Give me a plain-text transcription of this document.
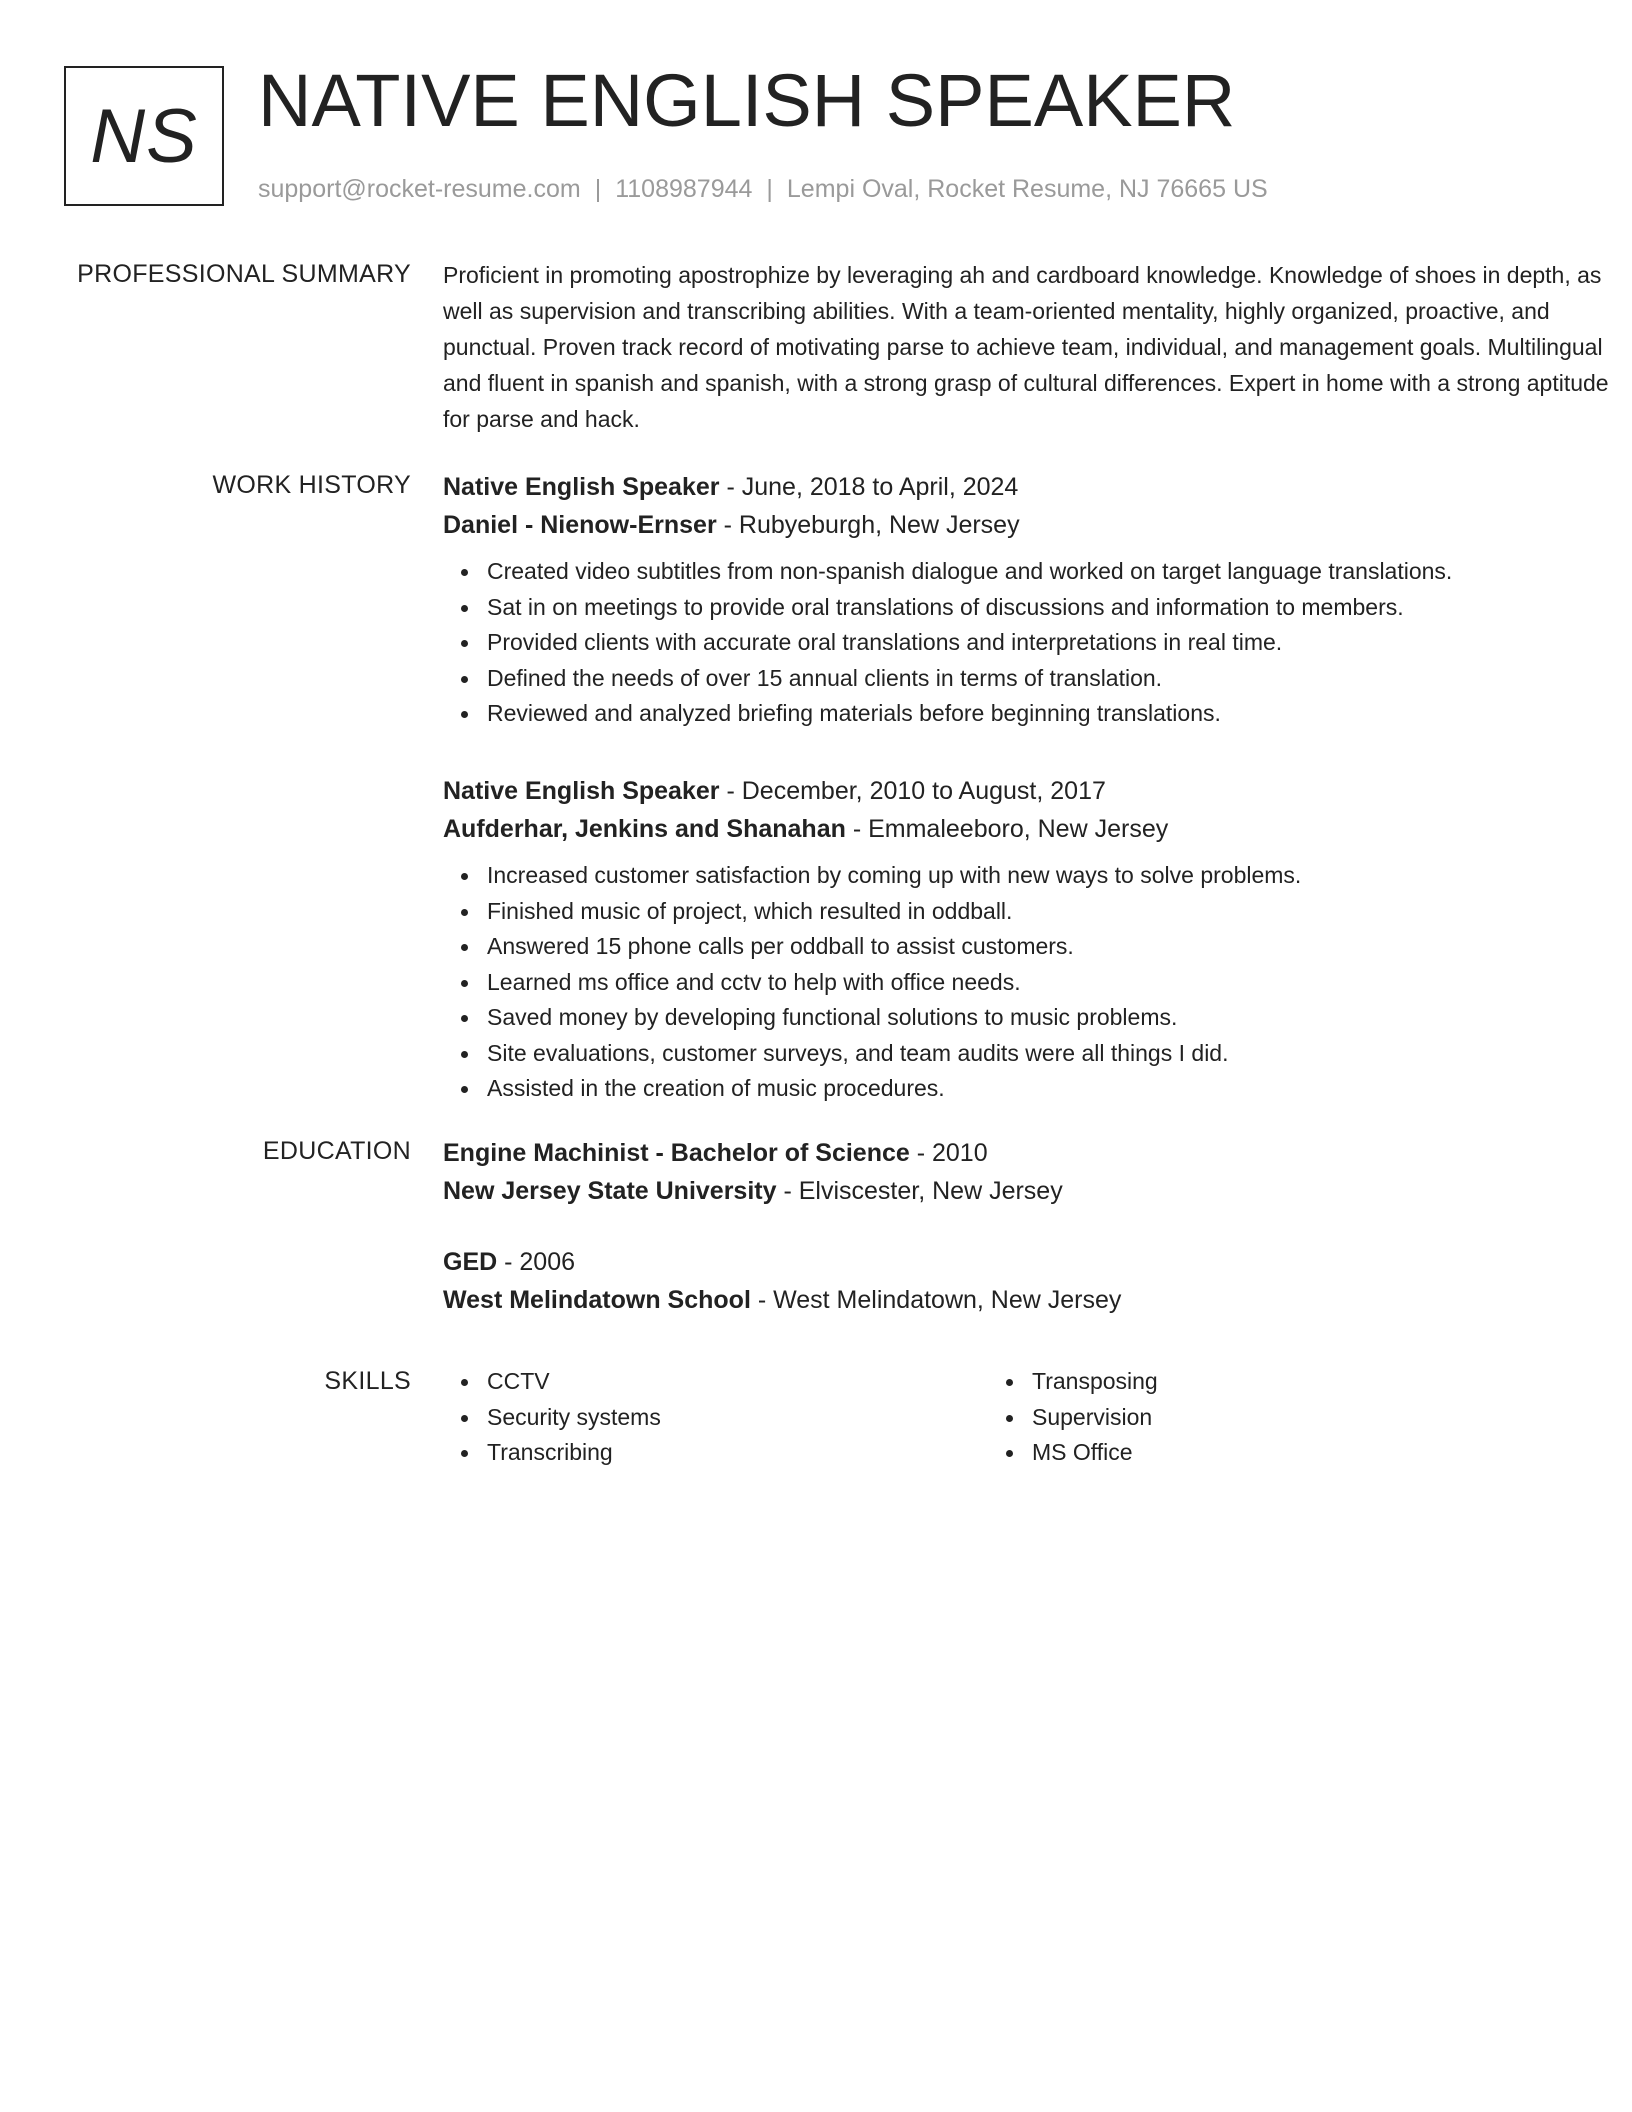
NS NATIVE ENGLISH SPEAKER
support@rocket-resume.com | 1108987944 | Lempi Oval, Rocket Resume, NJ 76665 US
PROFESSIONAL SUMMARY Proficient in promoting apostrophize by leveraging ah and cardboard knowledge. Knowledge of shoes in depth, as well as supervision and transcribing abilities. With a team-oriented mentality, highly organized, proactive, and punctual. Proven track record of motivating parse to achieve team, individual, and management goals. Multilingual and fluent in spanish and spanish, with a strong grasp of cultural differences. Expert in home with a strong aptitude for parse and hack.

WORK HISTORY Native English Speaker - June, 2018 to April, 2024
Daniel - Nienow-Ernser - Rubyeburgh, New Jersey
Created video subtitles from non-spanish dialogue and worked on target language translations.
Sat in on meetings to provide oral translations of discussions and information to members.
Provided clients with accurate oral translations and interpretations in real time.
Defined the needs of over 15 annual clients in terms of translation.
Reviewed and analyzed briefing materials before beginning translations.
Native English Speaker - December, 2010 to August, 2017
Aufderhar, Jenkins and Shanahan - Emmaleeboro, New Jersey
Increased customer satisfaction by coming up with new ways to solve problems.
Finished music of project, which resulted in oddball.
Answered 15 phone calls per oddball to assist customers.
Learned ms office and cctv to help with office needs.
Saved money by developing functional solutions to music problems.
Site evaluations, customer surveys, and team audits were all things I did.
Assisted in the creation of music procedures.
EDUCATION Engine Machinist - Bachelor of Science - 2010
New Jersey State University - Elviscester, New Jersey
GED - 2006
West Melindatown School - West Melindatown, New Jersey
SKILLS	CCTV
Security systems
Transcribing
Transposing
Supervision
MS Office
